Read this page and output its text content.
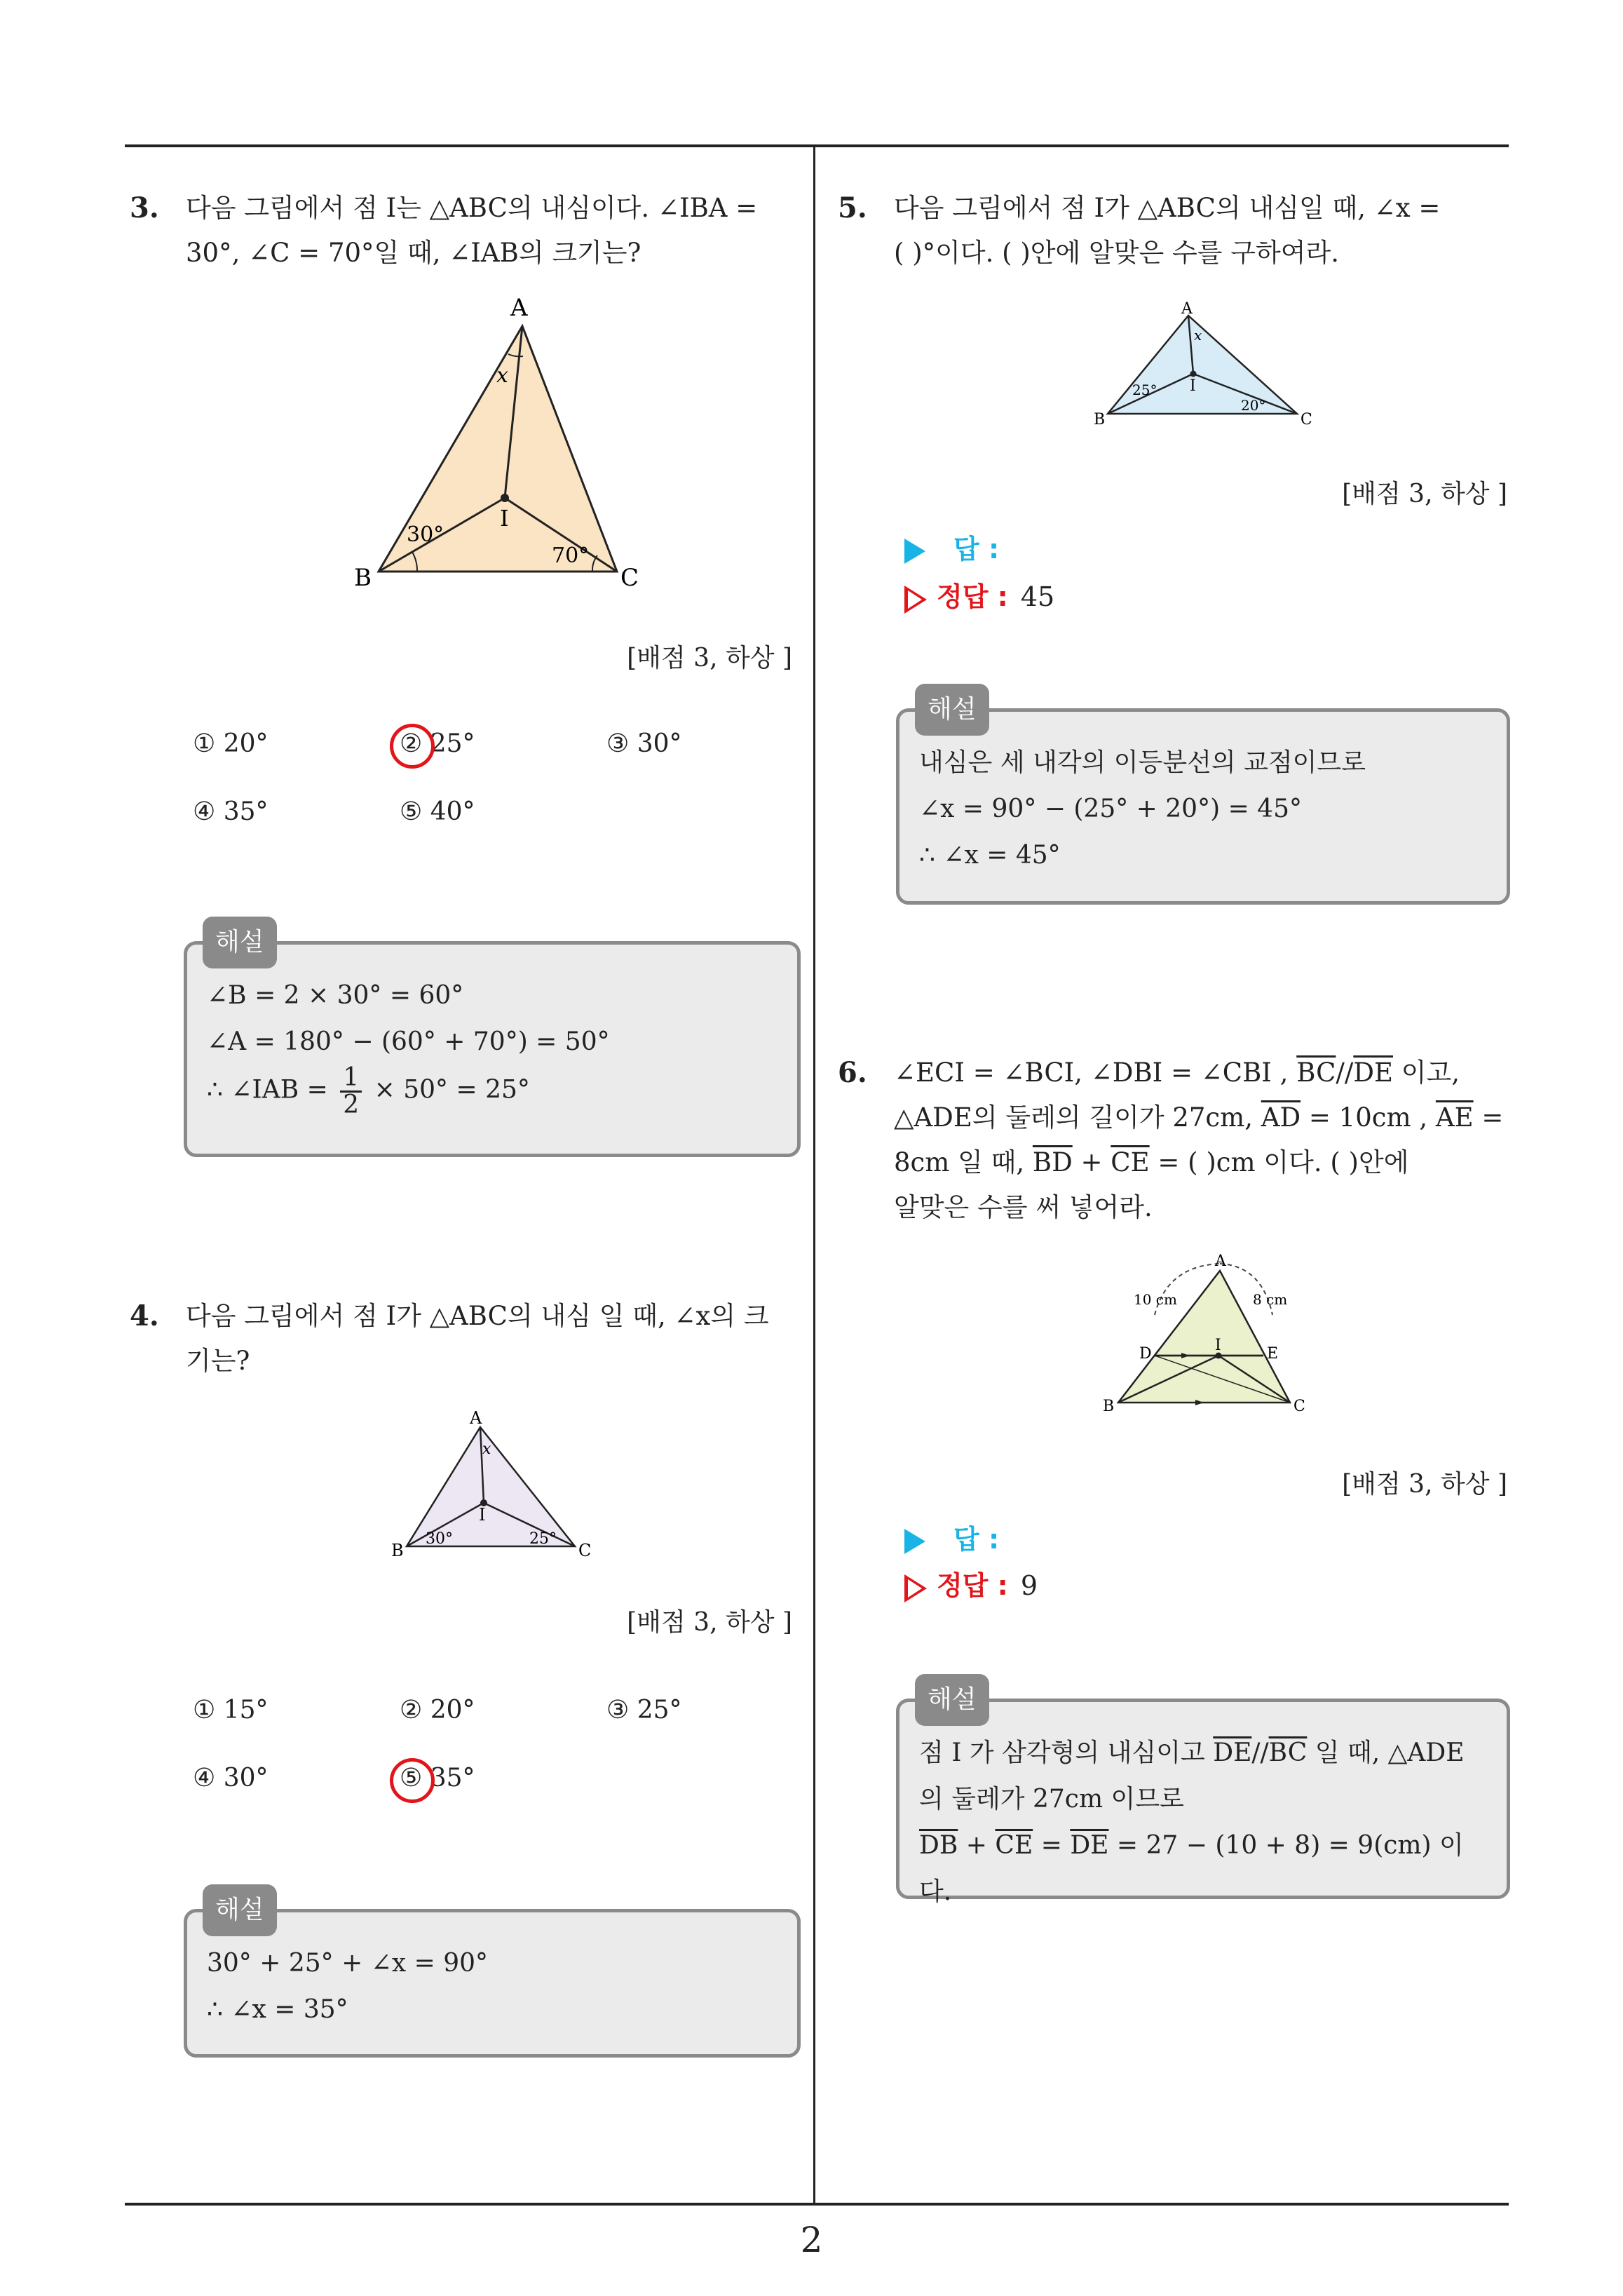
3. 다음 그림에서 점 I는 △ABC의 내심이다. ∠IBA =
30°, ∠C = 70°일 때, ∠IAB의 크기는?
A
B	C
I
x
30°
70°
[배점 3, 하상 ]
① 20°	② 25°	③ 30°
④ 35°	⑤ 40°
해설
∠B = 2 × 30° = 60°
∠A = 180° − (60° + 70°) = 50°
∴ ∠IAB = $\frac{1}{2} \times 50^\circ = 25^\circ$
4. 다음 그림에서 점 I가 △ABC의 내심 일 때, ∠x의 크
기는?
A
B	C
I
x
30°	25°
[배점 3, 하상 ]
① 15°	② 20°	③ 25°
④ 30°	⑤ 35°
해설
30° + 25° + ∠x = 90°
∴ ∠x = 35°
5. 다음 그림에서 점 I가 △ABC의 내심일 때, ∠x =
( )°이다. ( )안에 알맞은 수를 구하여라.
A
B	C
I
x
25°
20°
[배점 3, 하상 ]
답 :
정답 : 45
해설
내심은 세 내각의 이등분선의 교점이므로
∠x = 90° − (25° + 20°) = 45°
∴ ∠x = 45°
6. ∠ECI = ∠BCI, ∠DBI = ∠CBI , $\overline{BC}//\overline{DE}$ 이고,
△ADE의 둘레의 길이가 27cm, $\overline{AD} = 10cm$ , $\overline{AE}$ =
8cm 일 때, $\overline{BD} + \overline{CE}$ = ( )cm 이다. ( )안에
알맞은 수를 써 넣어라.
A
B	C
D	E
I
10 cm	8 cm
[배점 3, 하상 ]
답 :
정답 : 9
해설
점 I 가 삼각형의 내심이고 $\overline{DE}//\overline{BC}$ 일 때, △ADE
의 둘레가 27cm 이므로
$\overline{DB} + \overline{CE} = \overline{DE} = 27 - (10 + 8) = 9(cm)$ 이다.
2
